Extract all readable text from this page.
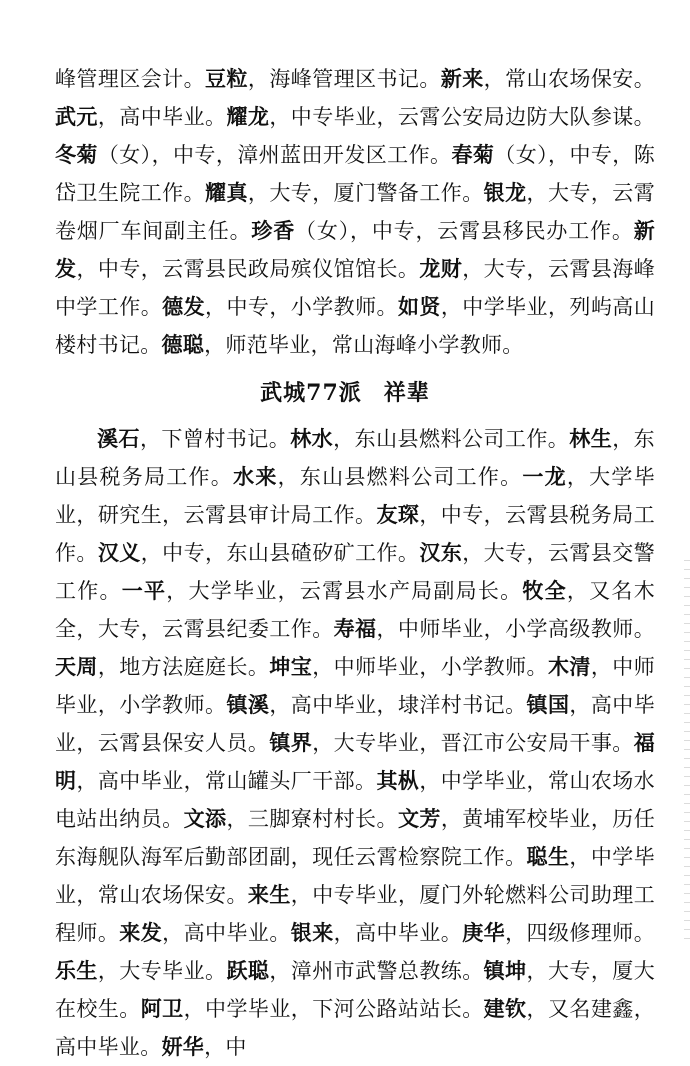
峰管理区会计。豆粒，海峰管理区书记。新来，常山农场保安。武元，高中毕业。耀龙，中专毕业，云霄公安局边防大队参谋。冬菊（女），中专，漳州蓝田开发区工作。春菊（女），中专，陈岱卫生院工作。耀真，大专，厦门警备工作。银龙，大专，云霄卷烟厂车间副主任。珍香（女），中专，云霄县移民办工作。新发，中专，云霄县民政局殡仪馆馆长。龙财，大专，云霄县海峰中学工作。德发，中专，小学教师。如贤，中学毕业，列屿高山楼村书记。德聪，师范毕业，常山海峰小学教师。

武城77派 祥辈

溪石，下曾村书记。林水，东山县燃料公司工作。林生，东山县税务局工作。水来，东山县燃料公司工作。一龙，大学毕业，研究生，云霄县审计局工作。友琛，中专，云霄县税务局工作。汉义，中专，东山县碴矽矿工作。汉东，大专，云霄县交警工作。一平，大学毕业，云霄县水产局副局长。牧全，又名木全，大专，云霄县纪委工作。寿福，中师毕业，小学高级教师。天周，地方法庭庭长。坤宝，中师毕业，小学教师。木清，中师毕业，小学教师。镇溪，高中毕业，埭洋村书记。镇国，高中毕业，云霄县保安人员。镇界，大专毕业，晋江市公安局干事。福明，高中毕业，常山罐头厂干部。其枞，中学毕业，常山农场水电站出纳员。文添，三脚寮村村长。文芳，黄埔军校毕业，历任东海舰队海军后勤部团副，现任云霄检察院工作。聪生，中学毕业，常山农场保安。来生，中专毕业，厦门外轮燃料公司助理工程师。来发，高中毕业。银来，高中毕业。庚华，四级修理师。乐生，大专毕业。跃聪，漳州市武警总教练。镇坤，大专，厦大在校生。阿卫，中学毕业，下河公路站站长。建钦，又名建鑫，高中毕业。妍华，中
